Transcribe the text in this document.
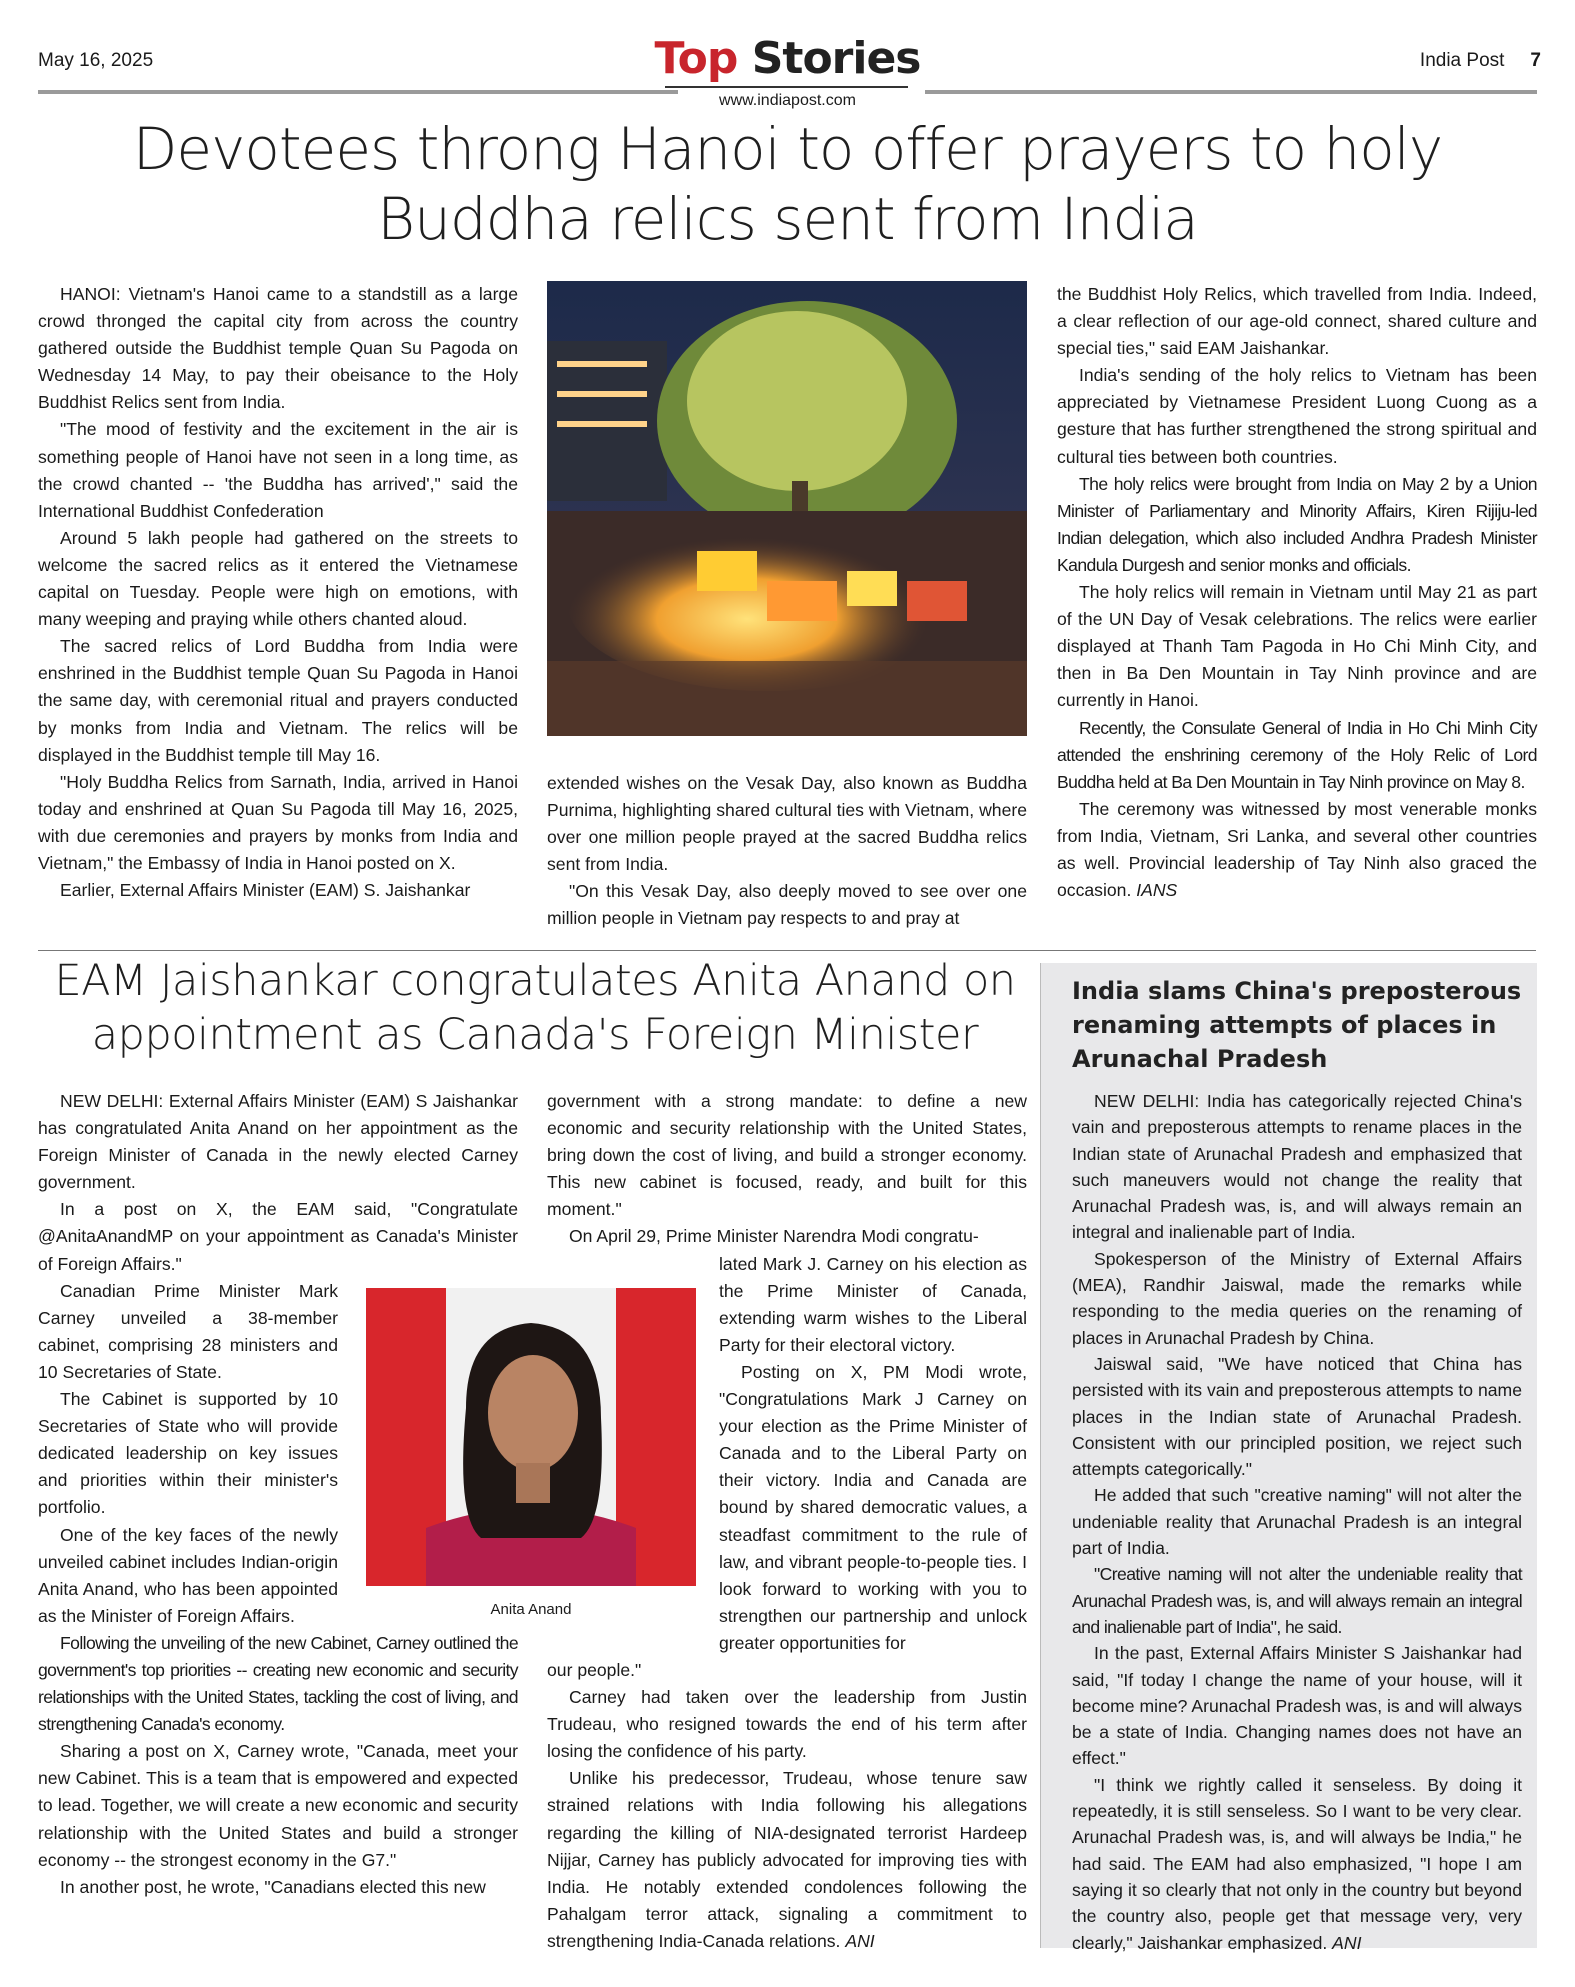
May 16, 2025	Top Stories
www.indiapost.com
India Post 7
Devotees throng Hanoi to offer prayers to holy Buddha relics sent from India

HANOI: Vietnam's Hanoi came to a standstill as a large crowd thronged the capital city from across the country gathered outside the Buddhist temple Quan Su Pagoda on Wednesday 14 May, to pay their obeisance to the Holy Buddhist Relics sent from India.

"The mood of festivity and the excitement in the air is something people of Hanoi have not seen in a long time, as the crowd chanted -- 'the Buddha has arrived'," said the International Buddhist Confederation

Around 5 lakh people had gathered on the streets to welcome the sacred relics as it entered the Vietnamese capital on Tuesday. People were high on emotions, with many weeping and praying while others chanted aloud.

The sacred relics of Lord Buddha from India were enshrined in the Buddhist temple Quan Su Pagoda in Hanoi the same day, with ceremonial ritual and prayers conducted by monks from India and Vietnam. The relics will be displayed in the Buddhist temple till May 16.

"Holy Buddha Relics from Sarnath, India, arrived in Hanoi today and enshrined at Quan Su Pagoda till May 16, 2025, with due ceremonies and prayers by monks from India and Vietnam," the Embassy of India in Hanoi posted on X.

Earlier, External Affairs Minister (EAM) S. Jaishankar

extended wishes on the Vesak Day, also known as Buddha Purnima, highlighting shared cultural ties with Vietnam, where over one million people prayed at the sacred Buddha relics sent from India.

"On this Vesak Day, also deeply moved to see over one million people in Vietnam pay respects to and pray at

the Buddhist Holy Relics, which travelled from India. Indeed, a clear reflection of our age-old connect, shared culture and special ties," said EAM Jaishankar.

India's sending of the holy relics to Vietnam has been appreciated by Vietnamese President Luong Cuong as a gesture that has further strengthened the strong spiritual and cultural ties between both countries.

The holy relics were brought from India on May 2 by a Union Minister of Parliamentary and Minority Affairs, Kiren Rijiju-led Indian delegation, which also included Andhra Pradesh Minister Kandula Durgesh and senior monks and officials.

The holy relics will remain in Vietnam until May 21 as part of the UN Day of Vesak celebrations. The relics were earlier displayed at Thanh Tam Pagoda in Ho Chi Minh City, and then in Ba Den Mountain in Tay Ninh province and are currently in Hanoi.

Recently, the Consulate General of India in Ho Chi Minh City attended the enshrining ceremony of the Holy Relic of Lord Buddha held at Ba Den Mountain in Tay Ninh province on May 8.

The ceremony was witnessed by most venerable monks from India, Vietnam, Sri Lanka, and several other countries as well. Provincial leadership of Tay Ninh also graced the occasion. IANS

EAM Jaishankar congratulates Anita Anand on appointment as Canada's Foreign Minister

NEW DELHI: External Affairs Minister (EAM) S Jaishankar has congratulated Anita Anand on her appointment as the Foreign Minister of Canada in the newly elected Carney government.

In a post on X, the EAM said, "Congratulate @AnitaAnandMP on your appointment as Canada's Minister of Foreign Affairs."

Canadian Prime Minister Mark Carney unveiled a 38-member cabinet, comprising 28 ministers and 10 Secretaries of State.

The Cabinet is supported by 10 Secretaries of State who will provide dedicated leadership on key issues and priorities within their minister's portfolio.

One of the key faces of the newly unveiled cabinet includes Indian-origin Anita Anand, who has been appointed as the Minister of Foreign Affairs.

Following the unveiling of the new Cabinet, Carney outlined the government's top priorities -- creating new economic and security relationships with the United States, tackling the cost of living, and strengthening Canada's economy.

Sharing a post on X, Carney wrote, "Canada, meet your new Cabinet. This is a team that is empowered and expected to lead. Together, we will create a new economic and security relationship with the United States and build a stronger economy -- the strongest economy in the G7."

In another post, he wrote, "Canadians elected this new

government with a strong mandate: to define a new economic and security relationship with the United States, bring down the cost of living, and build a stronger economy. This new cabinet is focused, ready, and built for this moment."

On April 29, Prime Minister Narendra Modi congratu-

lated Mark J. Carney on his election as the Prime Minister of Canada, extending warm wishes to the Liberal Party for their electoral victory.

Posting on X, PM Modi wrote, "Congratulations Mark J Carney on your election as the Prime Minister of Canada and to the Liberal Party on their victory. India and Canada are bound by shared democratic values, a steadfast commitment to the rule of law, and vibrant people-to-people ties. I look forward to working with you to strengthen our partnership and unlock greater opportunities for

our people."

Carney had taken over the leadership from Justin Trudeau, who resigned towards the end of his term after losing the confidence of his party.

Unlike his predecessor, Trudeau, whose tenure saw strained relations with India following his allegations regarding the killing of NIA-designated terrorist Hardeep Nijjar, Carney has publicly advocated for improving ties with India. He notably extended condolences following the Pahalgam terror attack, signaling a commitment to strengthening India-Canada relations. ANI

Anita Anand
India slams China's preposterous renaming attempts of places in Arunachal Pradesh

NEW DELHI: India has categorically rejected China's vain and preposterous attempts to rename places in the Indian state of Arunachal Pradesh and emphasized that such maneuvers would not change the reality that Arunachal Pradesh was, is, and will always remain an integral and inalienable part of India.

Spokesperson of the Ministry of External Affairs (MEA), Randhir Jaiswal, made the remarks while responding to the media queries on the renaming of places in Arunachal Pradesh by China.

Jaiswal said, "We have noticed that China has persisted with its vain and preposterous attempts to name places in the Indian state of Arunachal Pradesh. Consistent with our principled position, we reject such attempts categorically."

He added that such "creative naming" will not alter the undeniable reality that Arunachal Pradesh is an integral part of India.

"Creative naming will not alter the undeniable reality that Arunachal Pradesh was, is, and will always remain an integral and inalienable part of India", he said.

In the past, External Affairs Minister S Jaishankar had said, "If today I change the name of your house, will it become mine? Arunachal Pradesh was, is and will always be a state of India. Changing names does not have an effect."

"I think we rightly called it senseless. By doing it repeatedly, it is still senseless. So I want to be very clear. Arunachal Pradesh was, is, and will always be India," he had said. The EAM had also emphasized, "I hope I am saying it so clearly that not only in the country but beyond the country also, people get that message very, very clearly," Jaishankar emphasized. ANI
